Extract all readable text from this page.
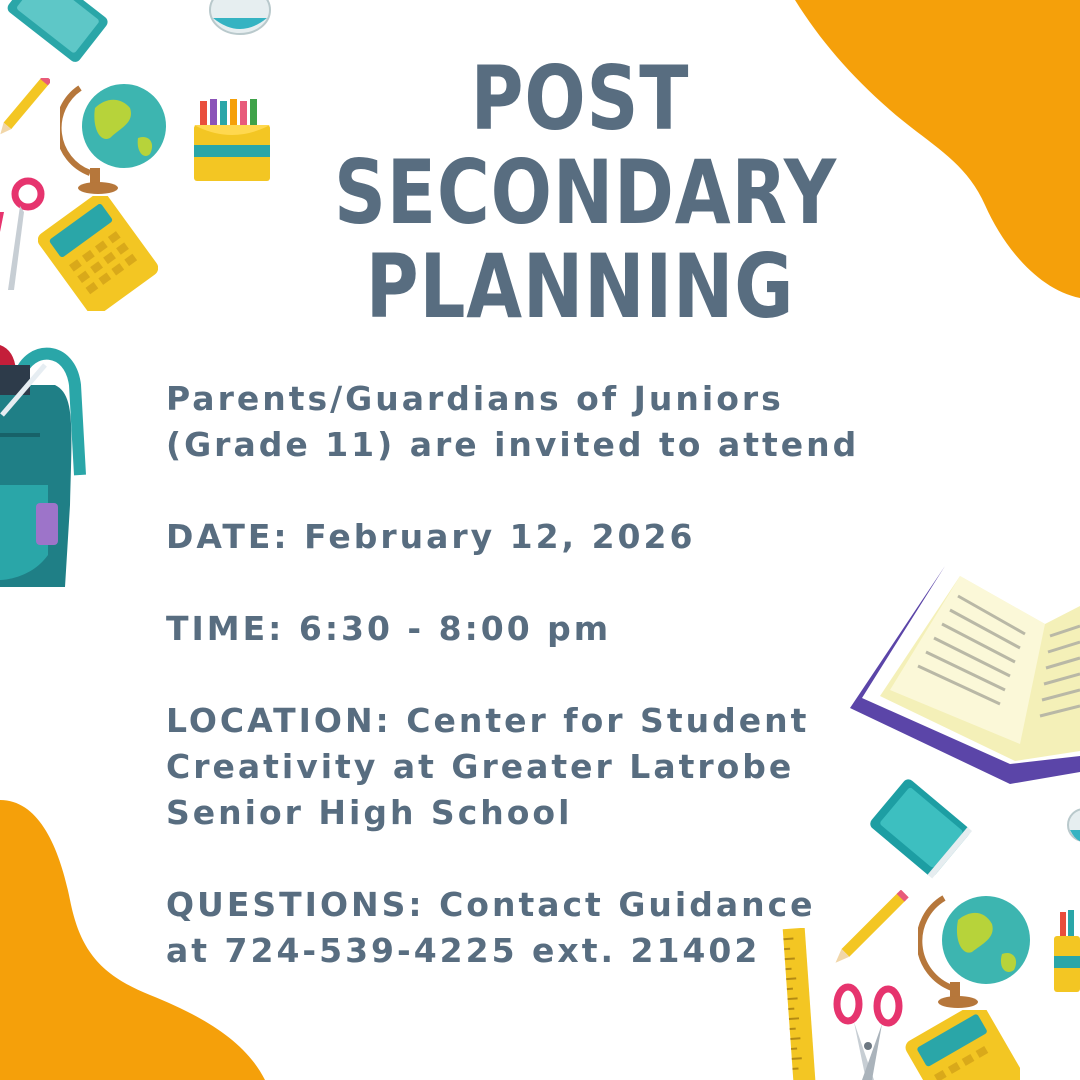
POST
SECONDARY
PLANNING
Parents/Guardians of Juniors
(Grade 11) are invited to attend
DATE: February 12, 2026
TIME: 6:30 - 8:00 pm
LOCATION: Center for Student
Creativity at Greater Latrobe
Senior High School
QUESTIONS: Contact Guidance
at 724-539-4225 ext. 21402
